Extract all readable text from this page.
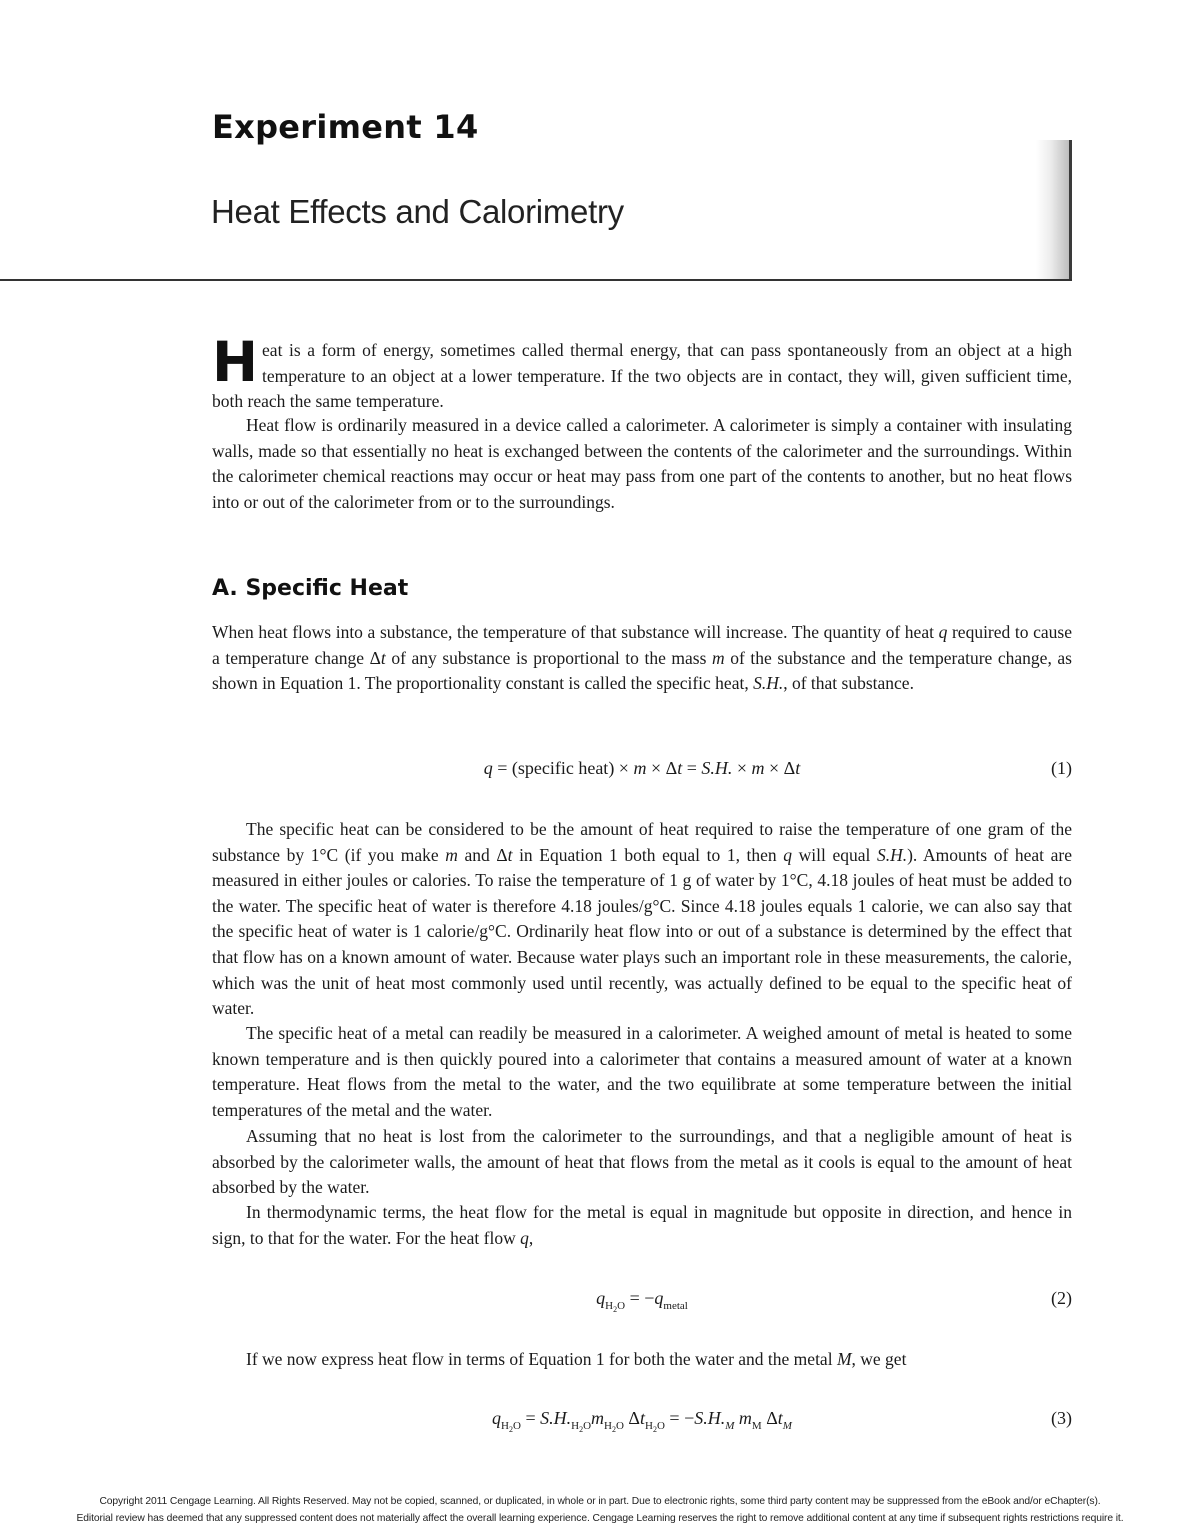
Experiment 14
Heat Effects and Calorimetry

Heat is a form of energy, sometimes called thermal energy, that can pass spontaneously from an object at a high temperature to an object at a lower temperature. If the two objects are in contact, they will, given sufficient time, both reach the same temperature.

Heat flow is ordinarily measured in a device called a calorimeter. A calorimeter is simply a container with insulating walls, made so that essentially no heat is exchanged between the contents of the calorimeter and the surroundings. Within the calorimeter chemical reactions may occur or heat may pass from one part of the contents to another, but no heat flows into or out of the calorimeter from or to the surroundings.

A. Specific Heat

When heat flows into a substance, the temperature of that substance will increase. The quantity of heat q required to cause a temperature change Δt of any substance is proportional to the mass m of the substance and the temperature change, as shown in Equation 1. The proportionality constant is called the specific heat, S.H., of that substance.

q = (specific heat) × m × Δt = S.H. × m × Δt	(1)

The specific heat can be considered to be the amount of heat required to raise the temperature of one gram of the substance by 1°C (if you make m and Δt in Equation 1 both equal to 1, then q will equal S.H.). Amounts of heat are measured in either joules or calories. To raise the temperature of 1 g of water by 1°C, 4.18 joules of heat must be added to the water. The specific heat of water is therefore 4.18 joules/g°C. Since 4.18 joules equals 1 calorie, we can also say that the specific heat of water is 1 calorie/g°C. Ordinarily heat flow into or out of a substance is determined by the effect that that flow has on a known amount of water. Because water plays such an important role in these measurements, the calorie, which was the unit of heat most commonly used until recently, was actually defined to be equal to the specific heat of water.

The specific heat of a metal can readily be measured in a calorimeter. A weighed amount of metal is heated to some known temperature and is then quickly poured into a calorimeter that contains a measured amount of water at a known temperature. Heat flows from the metal to the water, and the two equilibrate at some temperature between the initial temperatures of the metal and the water.

Assuming that no heat is lost from the calorimeter to the surroundings, and that a negligible amount of heat is absorbed by the calorimeter walls, the amount of heat that flows from the metal as it cools is equal to the amount of heat absorbed by the water.

In thermodynamic terms, the heat flow for the metal is equal in magnitude but opposite in direction, and hence in sign, to that for the water. For the heat flow q,

$q_{H_2O} = -q_{metal}$	(2)

If we now express heat flow in terms of Equation 1 for both the water and the metal M, we get

$q_{H_2O} = S.H._{H_2O}m_{H_2O}$ $\Delta t_{H_2O} = -S.H._M$ $m_M$ $\Delta t_M$	(3)
Copyright 2011 Cengage Learning. All Rights Reserved. May not be copied, scanned, or duplicated, in whole or in part. Due to electronic rights, some third party content may be suppressed from the eBook and/or eChapter(s).
Editorial review has deemed that any suppressed content does not materially affect the overall learning experience. Cengage Learning reserves the right to remove additional content at any time if subsequent rights restrictions require it.
